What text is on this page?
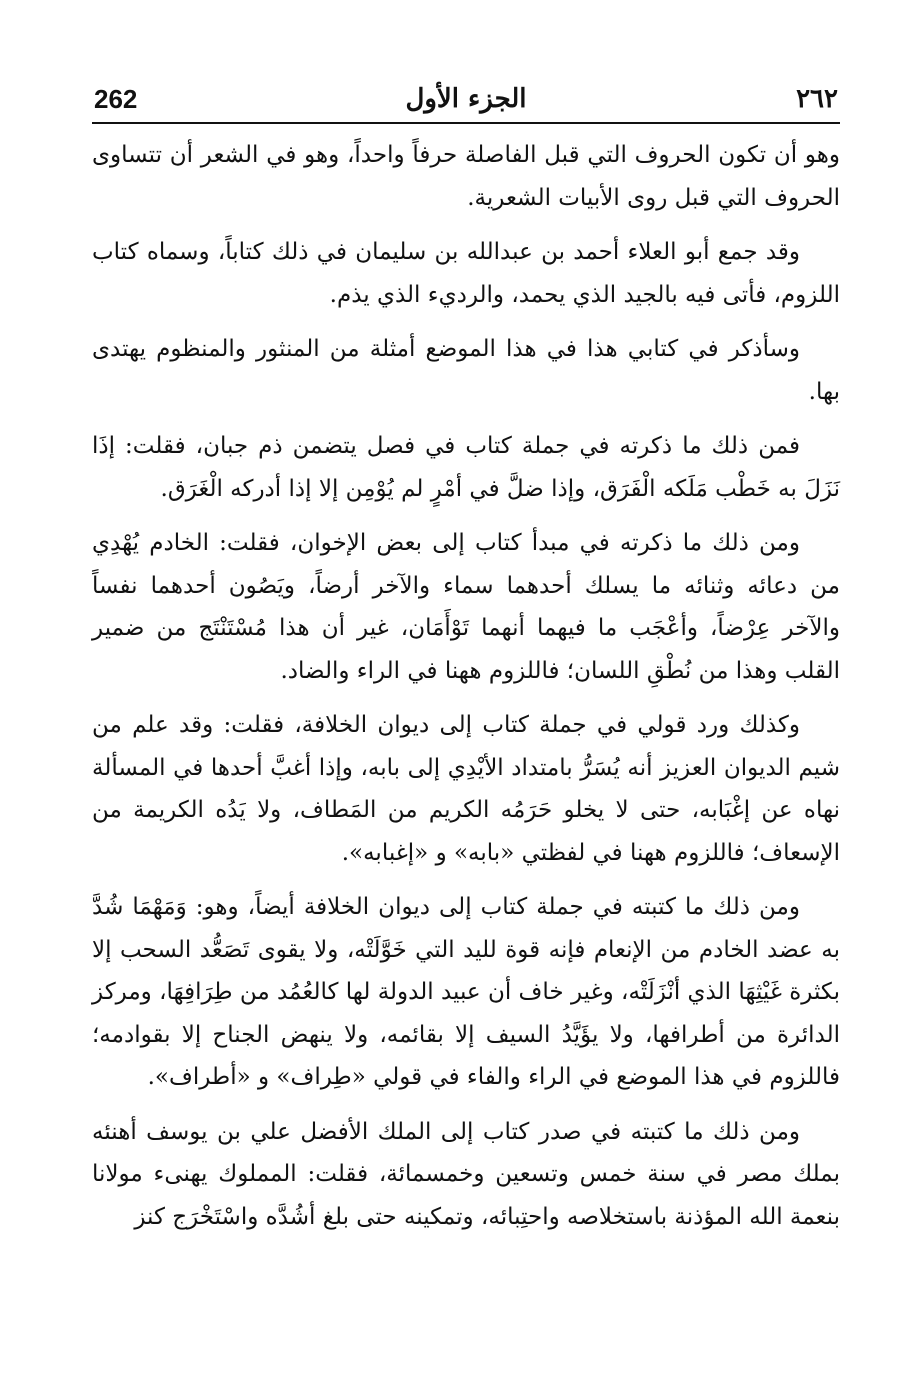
٢٦٢
الجزء الأول
262

وهو أن تكون الحروف التي قبل الفاصلة حرفاً واحداً، وهو في الشعر أن تتساوى الحروف التي قبل روى الأبيات الشعرية.

وقد جمع أبو العلاء أحمد بن عبدالله بن سليمان في ذلك كتاباً، وسماه كتاب اللزوم، فأتى فيه بالجيد الذي يحمد، والرديء الذي يذم.

وسأذكر في كتابي هذا في هذا الموضع أمثلة من المنثور والمنظوم يهتدى بها.

فمن ذلك ما ذكرته في جملة كتاب في فصل يتضمن ذم جبان، فقلت: إذَا نَزَلَ به خَطْب مَلَكه الْفَرَق، وإذا ضلَّ في أمْرٍ لم يُوْمِن إلا إذا أدركه الْغَرَق.

ومن ذلك ما ذكرته في مبدأ كتاب إلى بعض الإخوان، فقلت: الخادم يُهْدِي من دعائه وثنائه ما يسلك أحدهما سماء والآخر أرضاً، ويَصُون أحدهما نفساً والآخر عِرْضاً، وأعْجَب ما فيهما أنهما تَوْأَمَان، غير أن هذا مُسْتَنْتَج من ضمير القلب وهذا من نُطْقِ اللسان؛ فاللزوم ههنا في الراء والضاد.

وكذلك ورد قولي في جملة كتاب إلى ديوان الخلافة، فقلت: وقد علم من شيم الديوان العزيز أنه يُسَرُّ بامتداد الأيْدِي إلى بابه، وإذا أغبَّ أحدها في المسألة نهاه عن إغْبَابه، حتى لا يخلو حَرَمُه الكريم من المَطاف، ولا يَدُه الكريمة من الإسعاف؛ فاللزوم ههنا في لفظتي «بابه» و «إغبابه».

ومن ذلك ما كتبته في جملة كتاب إلى ديوان الخلافة أيضاً، وهو: وَمَهْمَا شُدَّ به عضد الخادم من الإنعام فإنه قوة لليد التي خَوَّلَتْه، ولا يقوى تَصَعُّد السحب إلا بكثرة غَيْثِهَا الذي أنْزَلَتْه، وغير خاف أن عبيد الدولة لها كالعُمُد من طِرَافِهَا، ومركز الدائرة من أطرافها، ولا يؤَيَّدُ السيف إلا بقائمه، ولا ينهض الجناح إلا بقوادمه؛ فاللزوم في هذا الموضع في الراء والفاء في قولي «طِراف» و «أطراف».

ومن ذلك ما كتبته في صدر كتاب إلى الملك الأفضل علي بن يوسف أهنئه بملك مصر في سنة خمس وتسعين وخمسمائة، فقلت: المملوك يهنىء مولانا بنعمة الله المؤذنة باستخلاصه واحتِبائه، وتمكينه حتى بلغ أشُدَّه واسْتَخْرَج كنز
